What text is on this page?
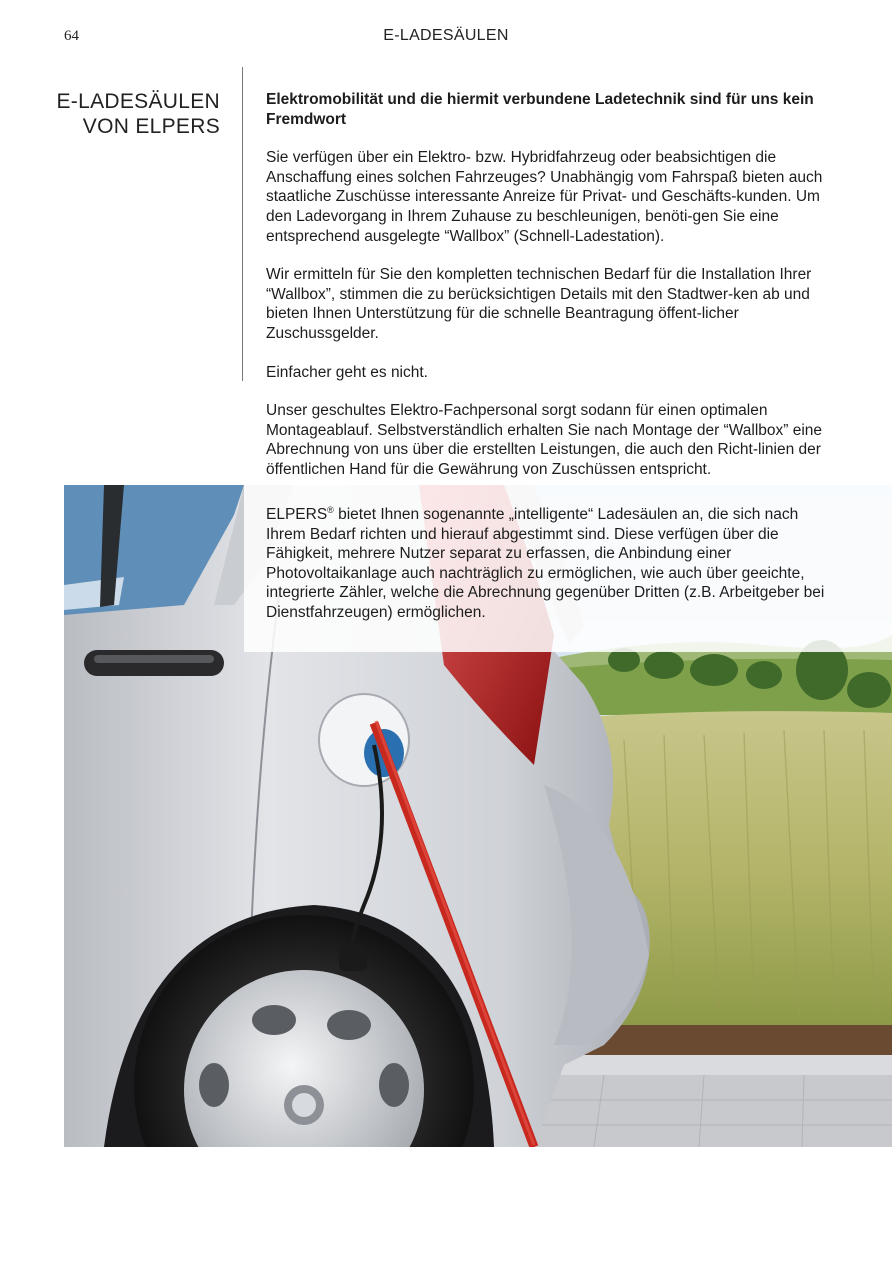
64	E-LADESÄULEN
E-LADESÄULEN
VON ELPERS

Elektromobilität und die hiermit verbundene Ladetechnik sind für uns kein Fremdwort

Sie verfügen über ein Elektro- bzw. Hybridfahrzeug oder beabsichtigen die Anschaffung eines solchen Fahrzeuges? Unabhängig vom Fahrspaß bieten auch staatliche Zuschüsse interessante Anreize für Privat- und Geschäfts-kunden. Um den Ladevorgang in Ihrem Zuhause zu beschleunigen, benöti-gen Sie eine entsprechend ausgelegte “Wallbox” (Schnell-Ladestation).

Wir ermitteln für Sie den kompletten technischen Bedarf für die Installation Ihrer “Wallbox”, stimmen die zu berücksichtigen Details mit den Stadtwer-ken ab und bieten Ihnen Unterstützung für die schnelle Beantragung öffent-licher Zuschussgelder.

Einfacher geht es nicht.

Unser geschultes Elektro-Fachpersonal sorgt sodann für einen optimalen Montageablauf. Selbstverständlich erhalten Sie nach Montage der “Wallbox” eine Abrechnung von uns über die erstellten Leistungen, die auch den Richt-linien der öffentlichen Hand für die Gewährung von Zuschüssen entspricht.

ELPERS® bietet Ihnen sogenannte „intelligente“ Ladesäulen an, die sich nach Ihrem Bedarf richten und hierauf abgestimmt sind. Diese verfügen über die Fähigkeit, mehrere Nutzer separat zu erfassen, die Anbindung einer Photovoltaikanlage auch nachträglich zu ermöglichen, wie auch über geeichte, integrierte Zähler, welche die Abrechnung gegenüber Dritten (z.B. Arbeitgeber bei Dienstfahrzeugen) ermöglichen.
